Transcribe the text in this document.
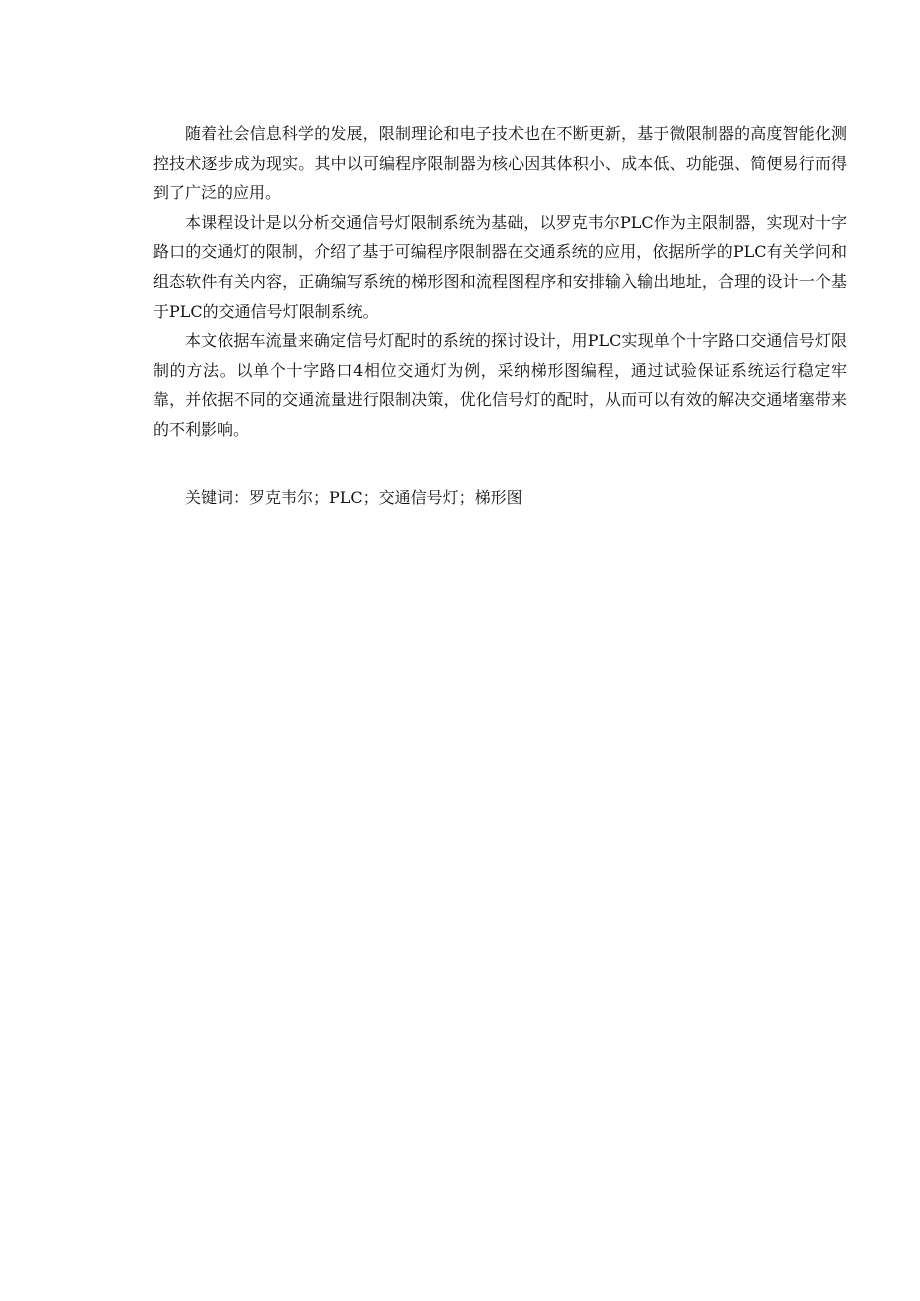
随着社会信息科学的发展，限制理论和电子技术也在不断更新，基于微限制器的高度智能化测控技术逐步成为现实。其中以可编程序限制器为核心因其体积小、成本低、功能强、简便易行而得到了广泛的应用。

本课程设计是以分析交通信号灯限制系统为基础，以罗克韦尔PLC作为主限制器，实现对十字路口的交通灯的限制，介绍了基于可编程序限制器在交通系统的应用，依据所学的PLC有关学问和组态软件有关内容，正确编写系统的梯形图和流程图程序和安排输入输出地址，合理的设计一个基于PLC的交通信号灯限制系统。

本文依据车流量来确定信号灯配时的系统的探讨设计，用PLC实现单个十字路口交通信号灯限制的方法。以单个十字路口4相位交通灯为例，采纳梯形图编程，通过试验保证系统运行稳定牢靠，并依据不同的交通流量进行限制决策，优化信号灯的配时，从而可以有效的解决交通堵塞带来的不利影响。

关键词：罗克韦尔；PLC；交通信号灯；梯形图
